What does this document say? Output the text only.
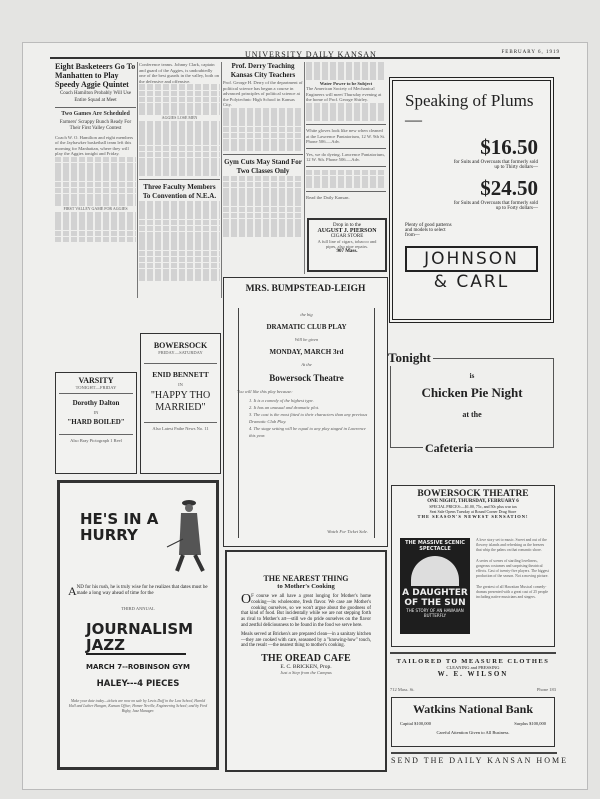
UNIVERSITY DAILY KANSAN	FEBRUARY 6, 1919
Eight Basketeers Go To Manhatten to Play Speedy Aggie Quintet
Coach Hamilton Probably Will Use Entire Squad at Meet
Two Games Are Scheduled
Farmers' Scrappy Bunch Ready For Their First Valley Contest
Coach W. O. Hamilton and eight members of the Jayhawker basketball team left this morning for Manhattan, where they will play the Aggies tonight and Friday.
FIRST VALLEY GAME FOR AGGIES
Conference teams. Johnny Clark, captain and guard of the Aggies, is undoubtedly one of the best guards in the valley, both on the defensive and offensive.
AGGIES LOSE MEN
Three Faculty Members To Convention of N.E.A.
Prof. Derry Teaching Kansas City Teachers
Prof. George H. Derry of the department of political science has begun a course in advanced principles of political science at the Polytechnic High School in Kansas City.
Gym Cuts May Stand For Two Classes Only
Water Power to be Subject
The American Society of Mechanical Engineers will meet Thursday evening at the home of Prof. George Shirley.
White gloves look like new when cleaned at the Lawrence Pantatorium, 12 W. 9th St. Phone 506.—Adv.
Yes, we do dyeing. Lawrence Pantatorium, 12 W. 9th. Phone 506.—Adv.
Read the Daily Kansan.
Drop in to the
AUGUST J. PIERSON
CIGAR STORE
A full line of cigars, tobacco and pipes, also pipe repairs.
907 Mass.
Speaking of Plums—
$16.50
for Suits and Overcoats that formerly sold up to Thirty dollars—
$24.50
for Suits and Overcoats that formerly sold up to Forty dollars—
Plenty of good patterns and models to select from—
JOHNSON
& CARL
MRS. BUMPSTEAD-LEIGH
the big
DRAMATIC CLUB PLAY
Will be given
MONDAY, MARCH 3rd
At the
Bowersock Theatre
You will like this play because:
1. It is a comedy of the highest type.
2. It has an unusual and dramatic plot.
3. The cast is the most fitted to their characters than any previous Dramatic Club Play.
4. The stage setting will be equal to any play staged in Lawrence this year.
Watch For Ticket Sale.
VARSITY
TONIGHT—FRIDAY
Dorothy Dalton
IN
"HARD BOILED"
Also Bray Pictograph 1 Reel
BOWERSOCK
FRIDAY—SATURDAY
ENID BENNETT
IN
"HAPPY THO MARRIED"
Also Latest Pathe News No. 11
HE'S IN A HURRY
AND for his rush, he is truly wise for he realizes that dates must be made a long way ahead of time for the
THIRD ANNUAL
JOURNALISM
JAZZ
MARCH 7--ROBINSON GYM
HALEY---4 PIECES
Make your date today—tickets are now on sale by Lewis Duff in the Law School, Harold Hall and Luther Hangen, Kansan Office; Homer Neville, Engineering School; and by Fred Bigby, Jazz Manager.
THE NEAREST THING
to Mother's Cooking
O F course we all have a great longing for Mother's home cooking—its wholesome, fresh flavor. We case are Mother's cooking ourselves, so we won't argue about the goodness of that kind of food. But incidentally while we are not stepping forth as rival to Mother's art—still we do pride ourselves on the flavor and zestful deliciousness to be found in the food we serve here.
Meals served at Bricken's are prepared clean—in a sanitary kitchen—they are cooked with care, seasoned by a "knowing-how" touch, and the result —the nearest thing to mother's cooking.
THE OREAD CAFE
E. C. BRICKEN, Prop.
Just a Step from the Campus
Tonight
is
Chicken Pie Night
at the
Cafeteria
BOWERSOCK THEATRE
ONE NIGHT, THURSDAY, FEBRUARY 6
SPECIAL PRICES:—$1.00, 75c, and 50c plus war tax
Seat Sale Opens Tuesday at Round Corner Drug Store
THE SEASON'S NEWEST SENSATION!
THE MASSIVE SCENIC SPECTACLE
A DAUGHTER OF THE SUN
THE STORY OF AN HAWAIIAN BUTTERFLY
A love story set to music. Sweet and out of the flowery islands and refreshing as the breezes that whip the palms on that romantic shore.
A series of scenes of startling loveliness, gorgeous costumes and surprising theatrical effects. Cast of twenty-five players. The biggest production of the season. Not a moving picture.
The greatest of all Hawaiian Musical comedy-dramas presented with a great cast of 25 people including native musicians and singers.
TAILORED TO MEASURE CLOTHES
CLEANING and PRESSING
W. E. WILSON
712 Mass. St.	Phone 183
Watkins National Bank
Capital $100,000	Surplus $100,000
Careful Attention Given to All Business.
SEND THE DAILY KANSAN HOME
